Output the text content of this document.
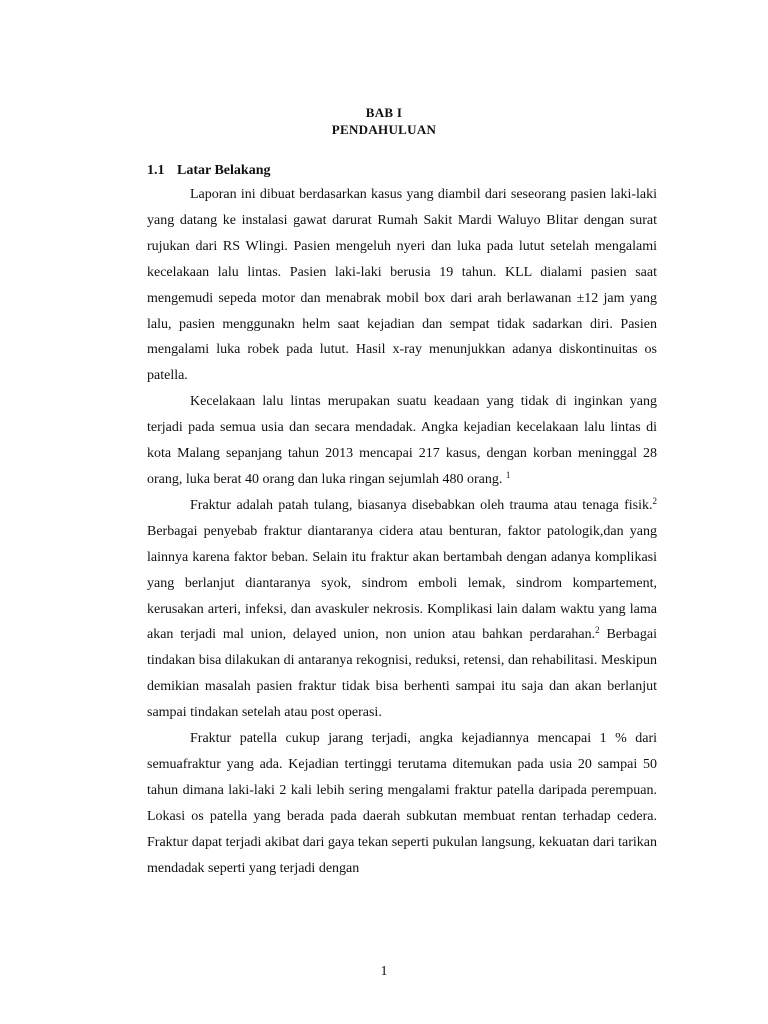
BAB I
PENDAHULUAN
1.1 Latar Belakang

Laporan ini dibuat berdasarkan kasus yang diambil dari seseorang pasien laki-laki yang datang ke instalasi gawat darurat Rumah Sakit Mardi Waluyo Blitar dengan surat rujukan dari RS Wlingi. Pasien mengeluh nyeri dan luka pada lutut setelah mengalami kecelakaan lalu lintas. Pasien laki-laki berusia 19 tahun. KLL dialami pasien saat mengemudi sepeda motor dan menabrak mobil box dari arah berlawanan ±12 jam yang lalu, pasien menggunakn helm saat kejadian dan sempat tidak sadarkan diri. Pasien mengalami luka robek pada lutut. Hasil x-ray menunjukkan adanya diskontinuitas os patella.

Kecelakaan lalu lintas merupakan suatu keadaan yang tidak di inginkan yang terjadi pada semua usia dan secara mendadak. Angka kejadian kecelakaan lalu lintas di kota Malang sepanjang tahun 2013 mencapai 217 kasus, dengan korban meninggal 28 orang, luka berat 40 orang dan luka ringan sejumlah 480 orang. $^1$

Fraktur adalah patah tulang, biasanya disebabkan oleh trauma atau tenaga fisik.$^2$ Berbagai penyebab fraktur diantaranya cidera atau benturan, faktor patologik,dan yang lainnya karena faktor beban. Selain itu fraktur akan bertambah dengan adanya komplikasi yang berlanjut diantaranya syok, sindrom emboli lemak, sindrom kompartement, kerusakan arteri, infeksi, dan avaskuler nekrosis. Komplikasi lain dalam waktu yang lama akan terjadi mal union, delayed union, non union atau bahkan perdarahan.$^2$ Berbagai tindakan bisa dilakukan di antaranya rekognisi, reduksi, retensi, dan rehabilitasi. Meskipun demikian masalah pasien fraktur tidak bisa berhenti sampai itu saja dan akan berlanjut sampai tindakan setelah atau post operasi.

Fraktur patella cukup jarang terjadi, angka kejadiannya mencapai 1 % dari semuafraktur yang ada. Kejadian tertinggi terutama ditemukan pada usia 20 sampai 50 tahun dimana laki-laki 2 kali lebih sering mengalami fraktur patella daripada perempuan. Lokasi os patella yang berada pada daerah subkutan membuat rentan terhadap cedera. Fraktur dapat terjadi akibat dari gaya tekan seperti pukulan langsung, kekuatan dari tarikan mendadak seperti yang terjadi dengan

1
